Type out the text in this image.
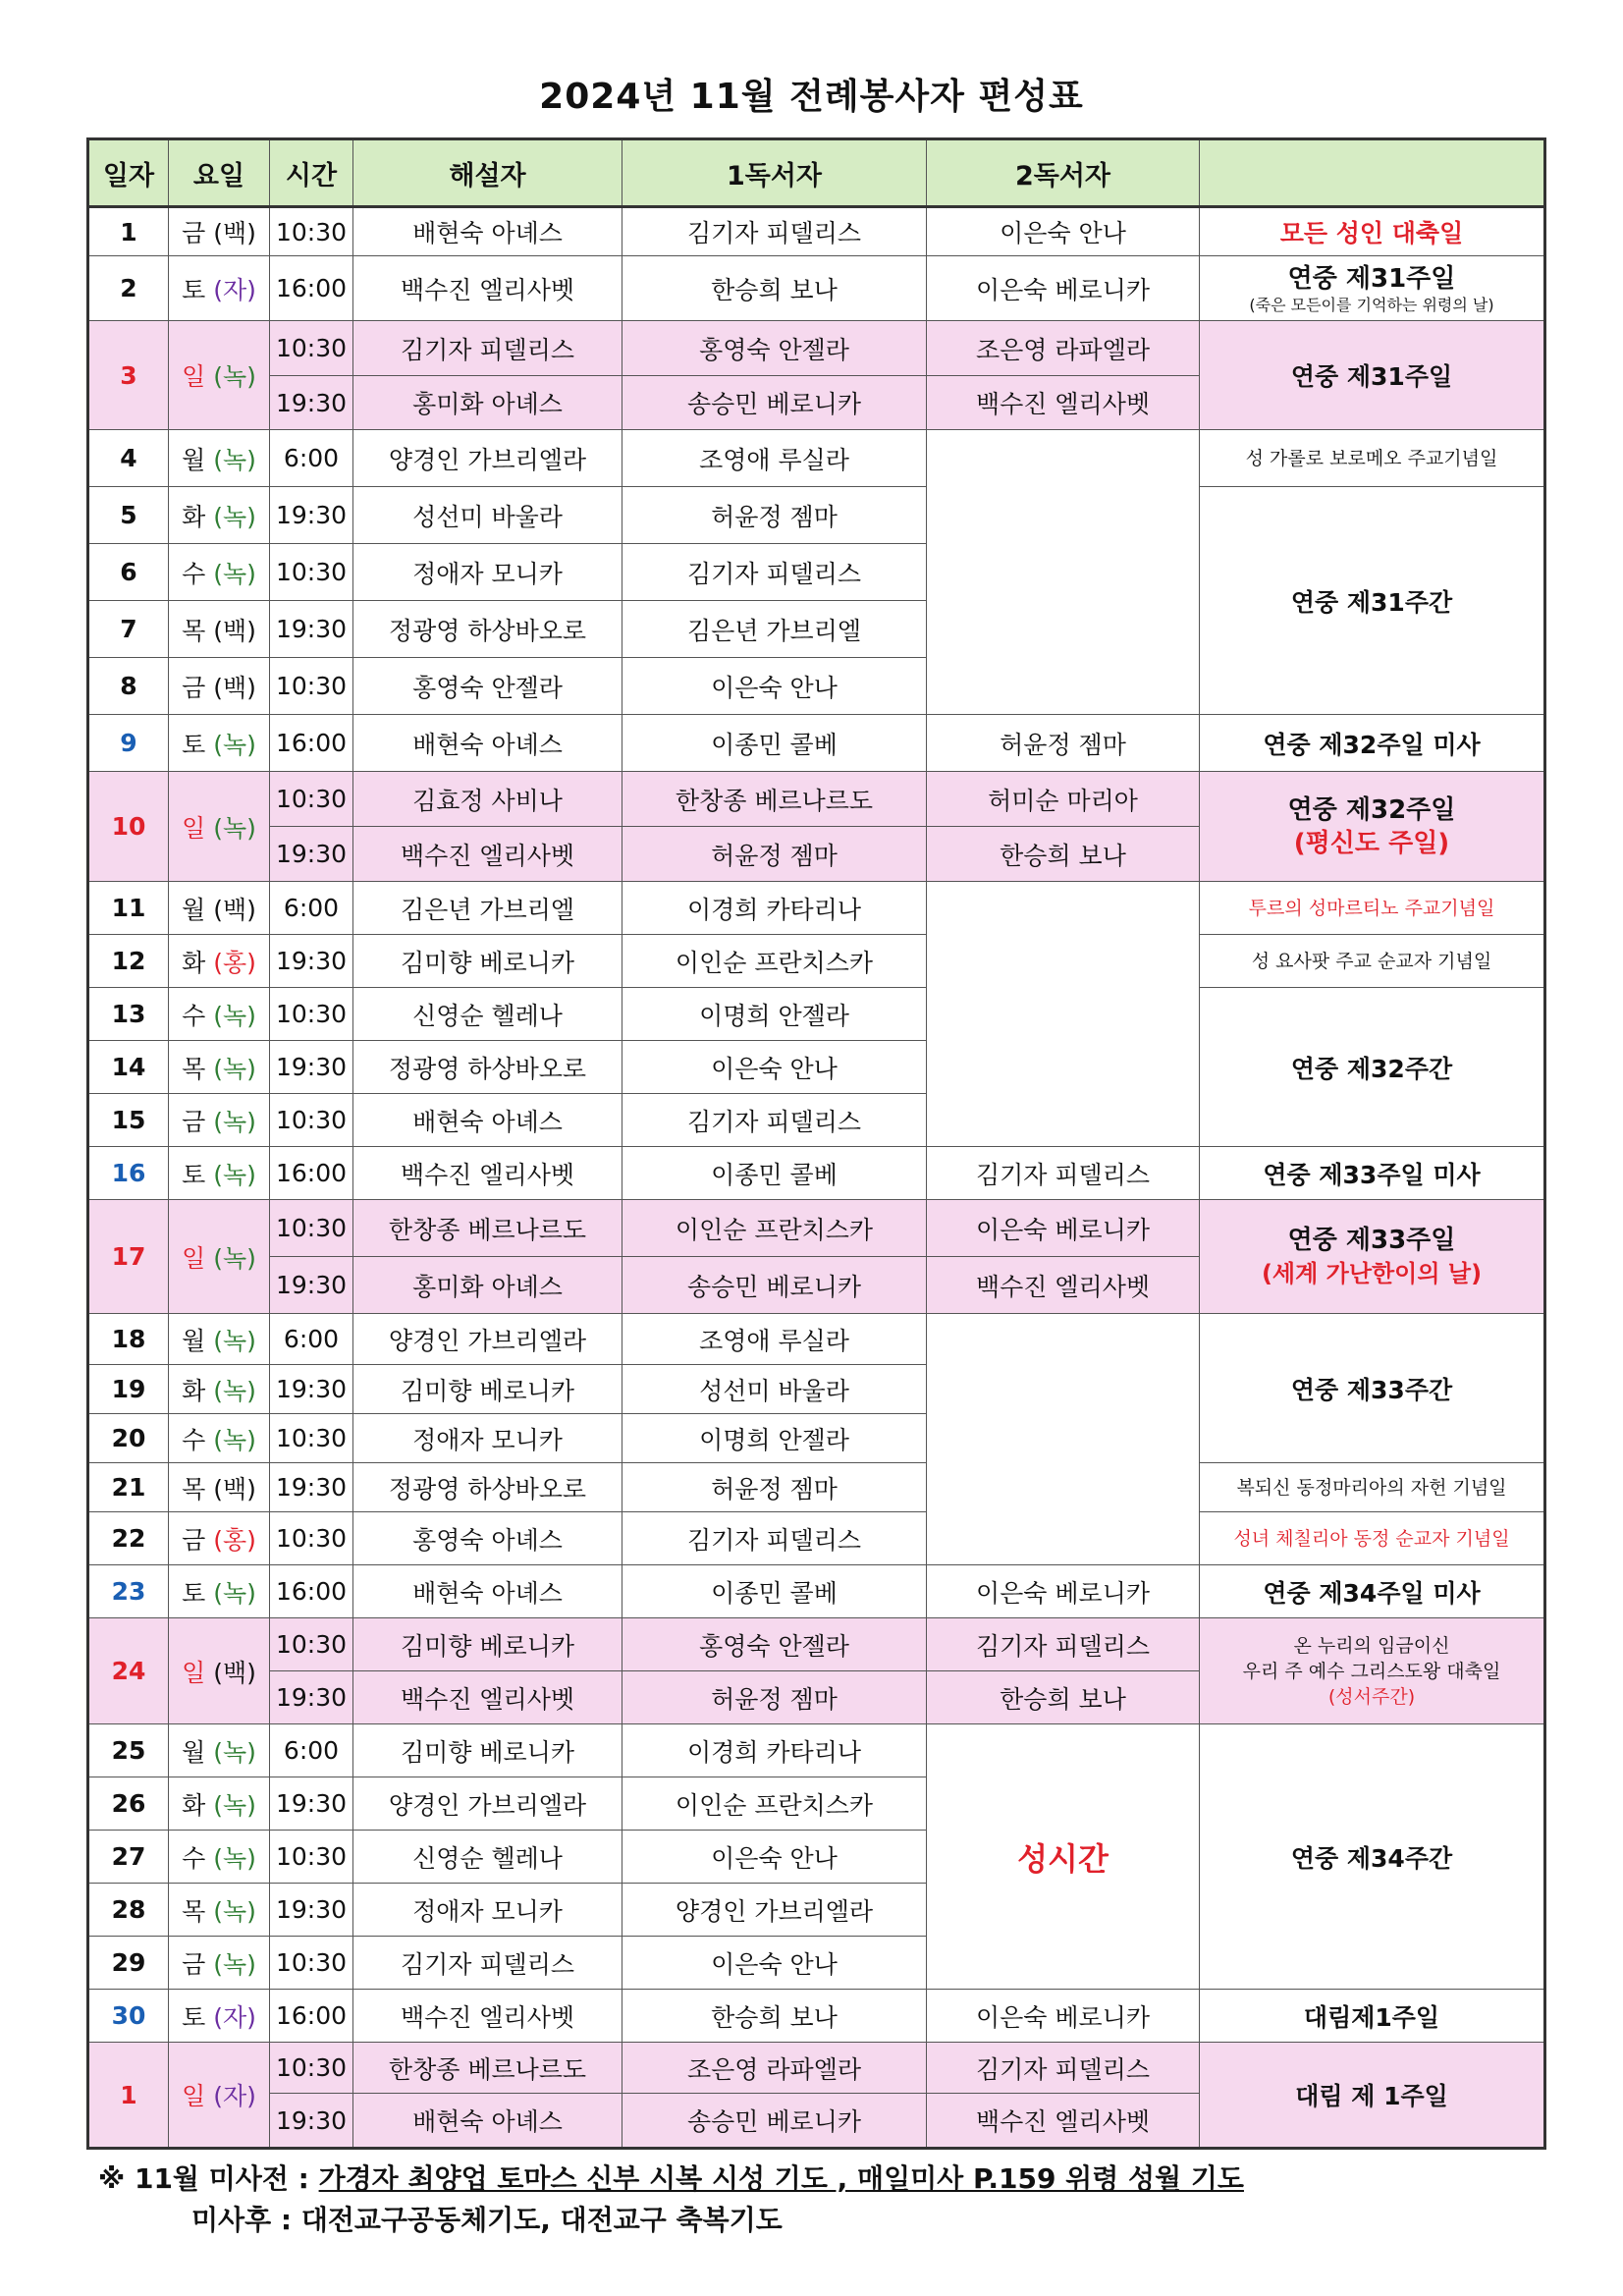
2024년 11월 전례봉사자 편성표
일자	요일	시간	해설자	1독서자	2독서자	
1	금 (백)	10:30	배현숙 아녜스	김기자 피델리스	이은숙 안나	모든 성인 대축일
2	토 (자)	16:00	백수진 엘리사벳	한승희 보나	이은숙 베로니카	연중 제31주일
(죽은 모든이를 기억하는 위령의 날)

3	일 (녹)	10:30	김기자 피델리스	홍영숙 안젤라	조은영 라파엘라	연중 제31주일
		19:30	홍미화 아녜스	송승민 베로니카	백수진 엘리사벳	
4	월 (녹)	6:00	양경인 가브리엘라	조영애 루실라		성 가롤로 보로메오 주교기념일

5	화 (녹)	19:30	성선미 바울라	허윤정 젬마		연중 제31주간
6	수 (녹)	10:30	정애자 모니카	김기자 피델리스		
7	목 (백)	19:30	정광영 하상바오로	김은년 가브리엘		
8	금 (백)	10:30	홍영숙 안젤라	이은숙 안나		
9	토 (녹)	16:00	배현숙 아녜스	이종민 콜베	허윤정 젬마	연중 제32주일 미사
10	일 (녹)	10:30	김효정 사비나	한창종 베르나르도	허미순 마리아	연중 제32주일
(평신도 주일)

		19:30	백수진 엘리사벳	허윤정 젬마	한승희 보나	
11	월 (백)	6:00	김은년 가브리엘	이경희 카타리나		투르의 성마르티노 주교기념일

12	화 (홍)	19:30	김미향 베로니카	이인순 프란치스카		성 요사팟 주교 순교자 기념일

13	수 (녹)	10:30	신영순 헬레나	이명희 안젤라		연중 제32주간
14	목 (녹)	19:30	정광영 하상바오로	이은숙 안나		
15	금 (녹)	10:30	배현숙 아녜스	김기자 피델리스		
16	토 (녹)	16:00	백수진 엘리사벳	이종민 콜베	김기자 피델리스	연중 제33주일 미사
17	일 (녹)	10:30	한창종 베르나르도	이인순 프란치스카	이은숙 베로니카	연중 제33주일
(세계 가난한이의 날)

		19:30	홍미화 아녜스	송승민 베로니카	백수진 엘리사벳	
18	월 (녹)	6:00	양경인 가브리엘라	조영애 루실라		연중 제33주간
19	화 (녹)	19:30	김미향 베로니카	성선미 바울라		
20	수 (녹)	10:30	정애자 모니카	이명희 안젤라		
21	목 (백)	19:30	정광영 하상바오로	허윤정 젬마		복되신 동정마리아의 자헌 기념일

22	금 (홍)	10:30	홍영숙 아녜스	김기자 피델리스		성녀 체칠리아 동정 순교자 기념일

23	토 (녹)	16:00	배현숙 아녜스	이종민 콜베	이은숙 베로니카	연중 제34주일 미사
24	일 (백)	10:30	김미향 베로니카	홍영숙 안젤라	김기자 피델리스	온 누리의 임금이신
우리 주 예수 그리스도왕 대축일
(성서주간)

		19:30	백수진 엘리사벳	허윤정 젬마	한승희 보나	
25	월 (녹)	6:00	김미향 베로니카	이경희 카타리나	성시간	연중 제34주간
26	화 (녹)	19:30	양경인 가브리엘라	이인순 프란치스카		
27	수 (녹)	10:30	신영순 헬레나	이은숙 안나		
28	목 (녹)	19:30	정애자 모니카	양경인 가브리엘라		
29	금 (녹)	10:30	김기자 피델리스	이은숙 안나		
30	토 (자)	16:00	백수진 엘리사벳	한승희 보나	이은숙 베로니카	대림제1주일
1	일 (자)	10:30	한창종 베르나르도	조은영 라파엘라	김기자 피델리스	대림 제 1주일
		19:30	배현숙 아녜스	송승민 베로니카	백수진 엘리사벳	
※ 11월 미사전 : 가경자 최양업 토마스 신부 시복 시성 기도 , 매일미사 P.159 위령 성월 기도
미사후 : 대전교구공동체기도, 대전교구 축복기도
